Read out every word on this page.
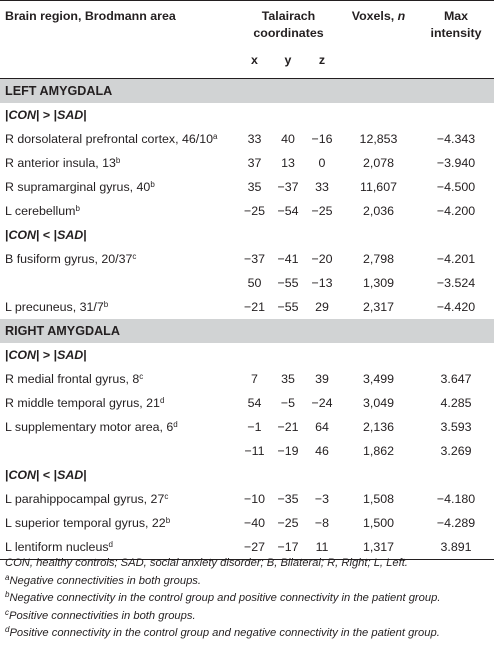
Brain region, Brodmann area	Talairach
coordinates			Voxels, n	Max
intensity
	x	y	z		
LEFT AMYGDALA					
|CON| > |SAD|					
R dorsolateral prefrontal cortex, 46/10$^a$	33	40	−16	12,853	−4.343
R anterior insula, 13$^b$	37	13	0	2,078	−3.940
R supramarginal gyrus, 40$^b$	35	−37	33	11,607	−4.500
L cerebellum$^b$	−25	−54	−25	2,036	−4.200
|CON| < |SAD|					
B fusiform gyrus, $20/37^c$	−37	−41	−20	2,798	−4.201
	50	−55	−13	1,309	−3.524
L precuneus, $31/7^b$	−21	−55	29	2,317	−4.420
RIGHT AMYGDALA					
|CON| > |SAD|					
R medial frontal gyrus, 8$^c$	7	35	39	3,499	3.647
R middle temporal gyrus, 21$^d$	54	−5	−24	3,049	4.285
L supplementary motor area, $6^d$	−1	−21	64	2,136	3.593
	−11	−19	46	1,862	3.269
|CON| < |SAD|					
L parahippocampal gyrus, $27^c$	−10	−35	−3	1,508	−4.180
L superior temporal gyrus, $22^b$	−40	−25	−8	1,500	−4.289
L lentiform nucleus$^d$	−27	−17	11	1,317	3.891
CON, healthy controls; SAD, social anxiety disorder; B, Bilateral; R, Right; L, Left.
$^a$Negative connectivities in both groups.
$^b$Negative connectivity in the control group and positive connectivity in the patient group.
$^c$Positive connectivities in both groups.
$^d$Positive connectivity in the control group and negative connectivity in the patient group.
